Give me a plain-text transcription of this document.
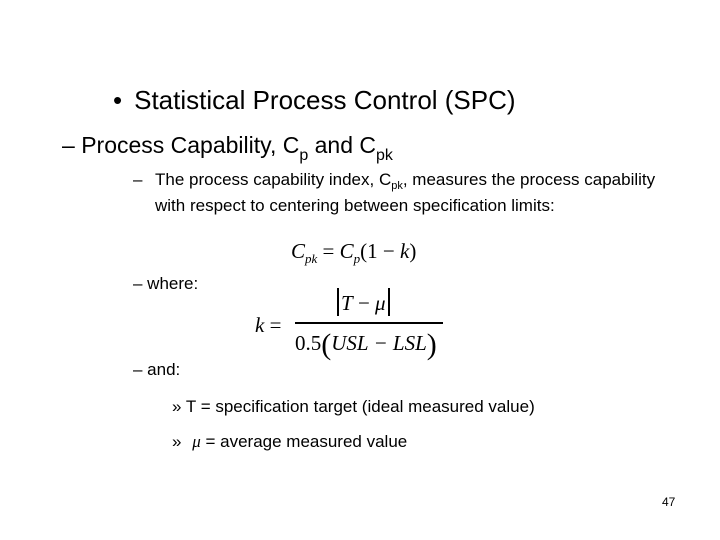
• Statistical Process Control (SPC)
– Process Capability, $C_p$ and $C_{pk}$
– The process capability index, $C_{pk}$, measures the process capability with respect to centering between specification limits:
$C_{pk} = C_p(1 - k)$
– where:
k =
T − μ
0.5(USL − LSL)
– and:
» T = specification target (ideal measured value)
» μ = average measured value
47
